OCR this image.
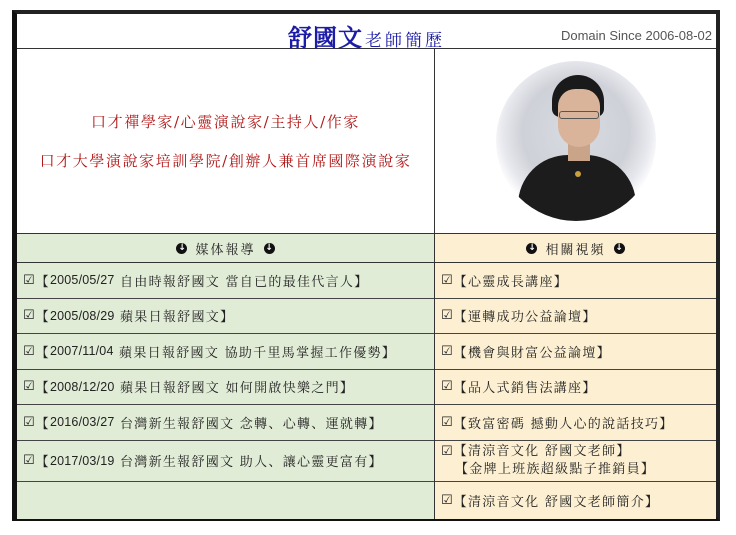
舒國文 老師簡歷	Domain Since 2006-08-02
口才禪學家/心靈演說家/主持人/作家
口才大學演說家培訓學院/創辦人兼首席國際演說家
↓ 媒体報導 ↓
☑ 【 2005/05/27
自由時報舒國文 當自已的最佳代言人】
☑ 【 2005/08/29
蘋果日報舒國文】
☑ 【 2007/11/04
蘋果日報舒國文 協助千里馬掌握工作優勢】
☑ 【 2008/12/20
蘋果日報舒國文 如何開啟快樂之門】
☑ 【 2016/03/27
台灣新生報舒國文 念轉、心轉、運就轉】
☑ 【 2017/03/19
台灣新生報舒國文 助人、讓心靈更富有】
↓ 相關視頻 ↓
☑ 【心靈成長講座】
☑ 【運轉成功公益論壇】
☑ 【機會與財富公益論壇】
☑ 【品人式銷售法講座】
☑ 【致富密碼 撼動人心的說話技巧】
☑【清涼音文化 舒國文老師】
【金牌上班族超級點子推銷員】
☑ 【清涼音文化 舒國文老師簡介】
